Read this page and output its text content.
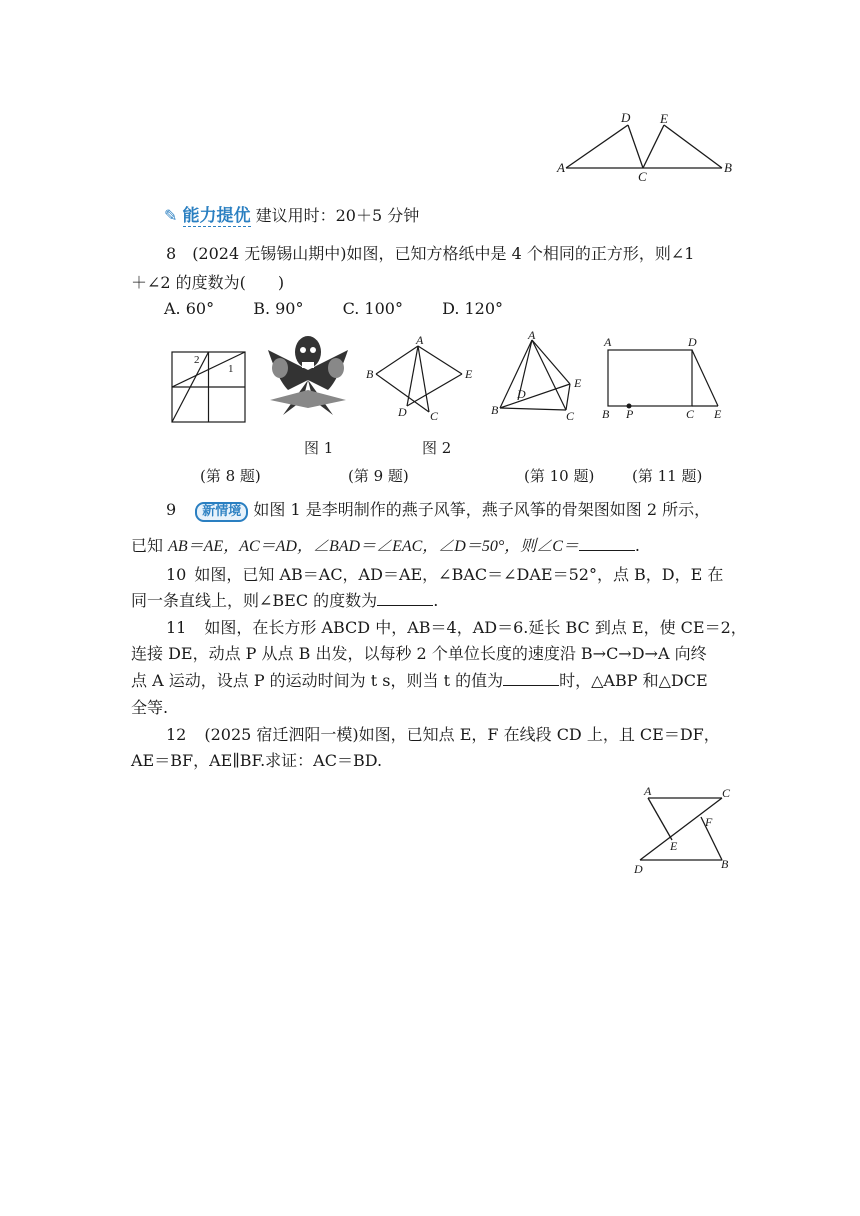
A
D E
C
B
✎ 能力提优 建议用时：20＋5 分钟
8 (2024 无锡锡山期中)如图，已知方格纸中是 4 个相同的正方形，则∠1
＋∠2 的度数为(　　)
A. 60° B. 90° C. 100° D. 120°
2
1
A
B	E
D C
A
B	C
D
E
A	D
B P	C E
图 1	图 2
(第 8 题)	(第 9 题)	(第 10 题)	(第 11 题)
9 新情境 如图 1 是李明制作的燕子风筝，燕子风筝的骨架图如图 2 所示，
已知 AB＝AE，AC＝AD，∠BAD＝∠EAC，∠D＝50°，则∠C＝	.
10 如图，已知 AB＝AC，AD＝AE，∠BAC＝∠DAE＝52°，点 B，D，E 在
同一条直线上，则∠BEC 的度数为	.
11 如图，在长方形 ABCD 中，AB＝4，AD＝6.延长 BC 到点 E，使 CE＝2，
连接 DE，动点 P 从点 B 出发，以每秒 2 个单位长度的速度沿 B→C→D→A 向终
点 A 运动，设点 P 的运动时间为 t s，则当 t 的值为	时，△ABP 和△DCE
全等.
12 (2025 宿迁泗阳一模)如图，已知点 E，F 在线段 CD 上，且 CE＝DF，
AE＝BF，AE∥BF.求证：AC＝BD.
A	C
F
E
D	B
